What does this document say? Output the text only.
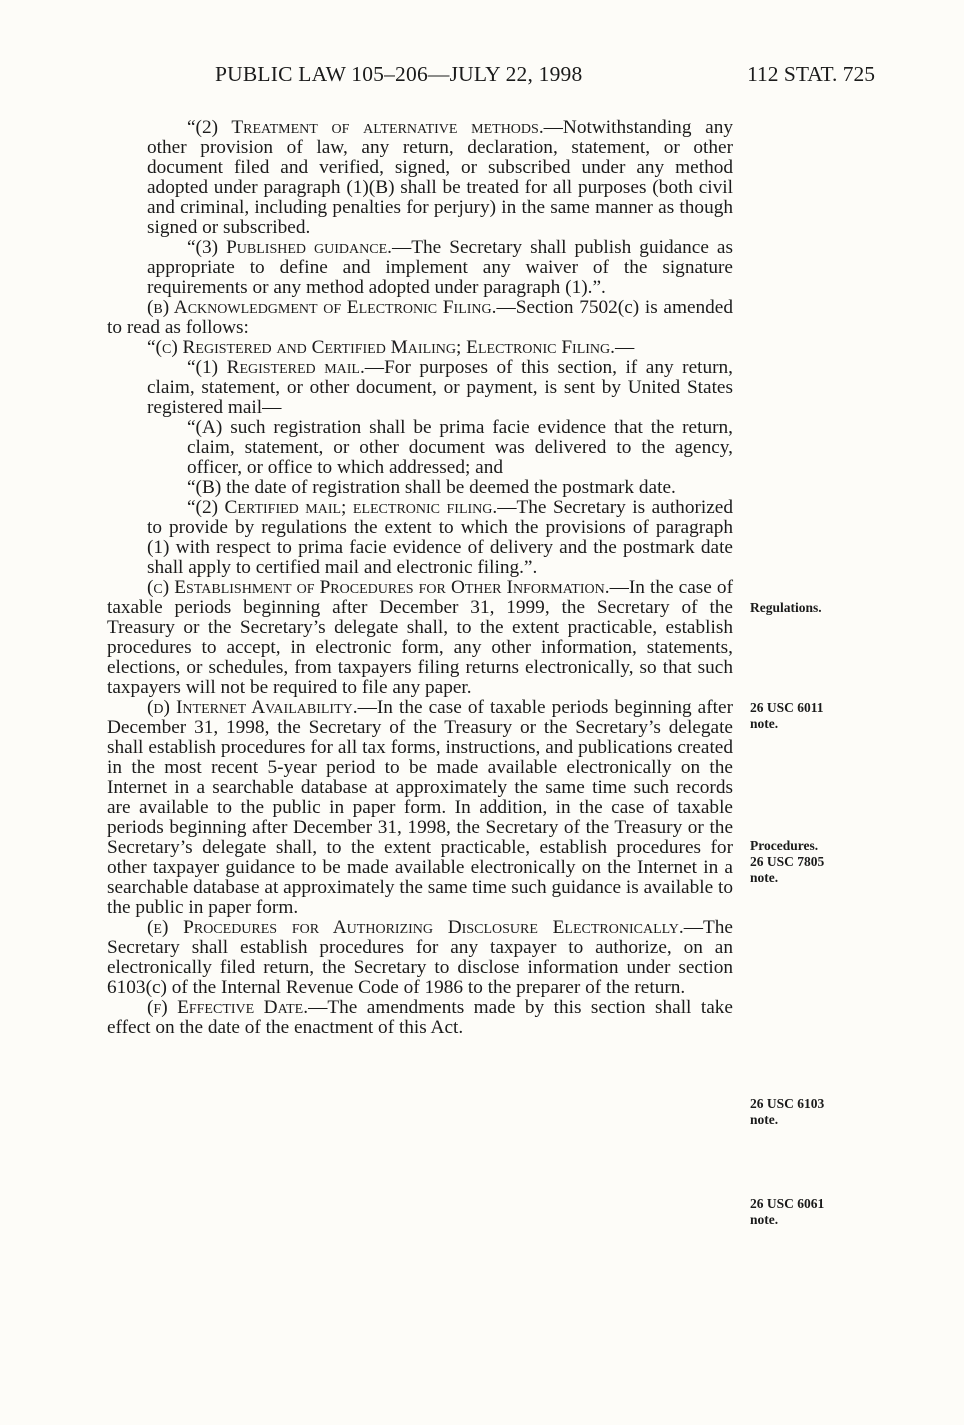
PUBLIC LAW 105–206—JULY 22, 1998	112 STAT. 725

“(2) Treatment of alternative methods.—Notwithstanding any other provision of law, any return, declaration, statement, or other document filed and verified, signed, or subscribed under any method adopted under paragraph (1)(B) shall be treated for all purposes (both civil and criminal, including penalties for perjury) in the same manner as though signed or subscribed.

“(3) Published guidance.—The Secretary shall publish guidance as appropriate to define and implement any waiver of the signature requirements or any method adopted under paragraph (1).”.

(b) Acknowledgment of Electronic Filing.—Section 7502(c) is amended to read as follows:

“(c) Registered and Certified Mailing; Electronic Filing.—

“(1) Registered mail.—For purposes of this section, if any return, claim, statement, or other document, or payment, is sent by United States registered mail—

“(A) such registration shall be prima facie evidence that the return, claim, statement, or other document was delivered to the agency, officer, or office to which addressed; and

“(B) the date of registration shall be deemed the postmark date.

“(2) Certified mail; electronic filing.—The Secretary is authorized to provide by regulations the extent to which the provisions of paragraph (1) with respect to prima facie evidence of delivery and the postmark date shall apply to certified mail and electronic filing.”.

(c) Establishment of Procedures for Other Information.—In the case of taxable periods beginning after December 31, 1999, the Secretary of the Treasury or the Secretary’s delegate shall, to the extent practicable, establish procedures to accept, in electronic form, any other information, statements, elections, or schedules, from taxpayers filing returns electronically, so that such taxpayers will not be required to file any paper.

(d) Internet Availability.—In the case of taxable periods beginning after December 31, 1998, the Secretary of the Treasury or the Secretary’s delegate shall establish procedures for all tax forms, instructions, and publications created in the most recent 5-year period to be made available electronically on the Internet in a searchable database at approximately the same time such records are available to the public in paper form. In addition, in the case of taxable periods beginning after December 31, 1998, the Secretary of the Treasury or the Secretary’s delegate shall, to the extent practicable, establish procedures for other taxpayer guidance to be made available electronically on the Internet in a searchable database at approximately the same time such guidance is available to the public in paper form.

(e) Procedures for Authorizing Disclosure Electronically.—The Secretary shall establish procedures for any taxpayer to authorize, on an electronically filed return, the Secretary to disclose information under section 6103(c) of the Internal Revenue Code of 1986 to the preparer of the return.

(f) Effective Date.—The amendments made by this section shall take effect on the date of the enactment of this Act.

Regulations.
26 USC 6011 note.
Procedures.
26 USC 7805 note.
26 USC 6103 note.
26 USC 6061 note.
